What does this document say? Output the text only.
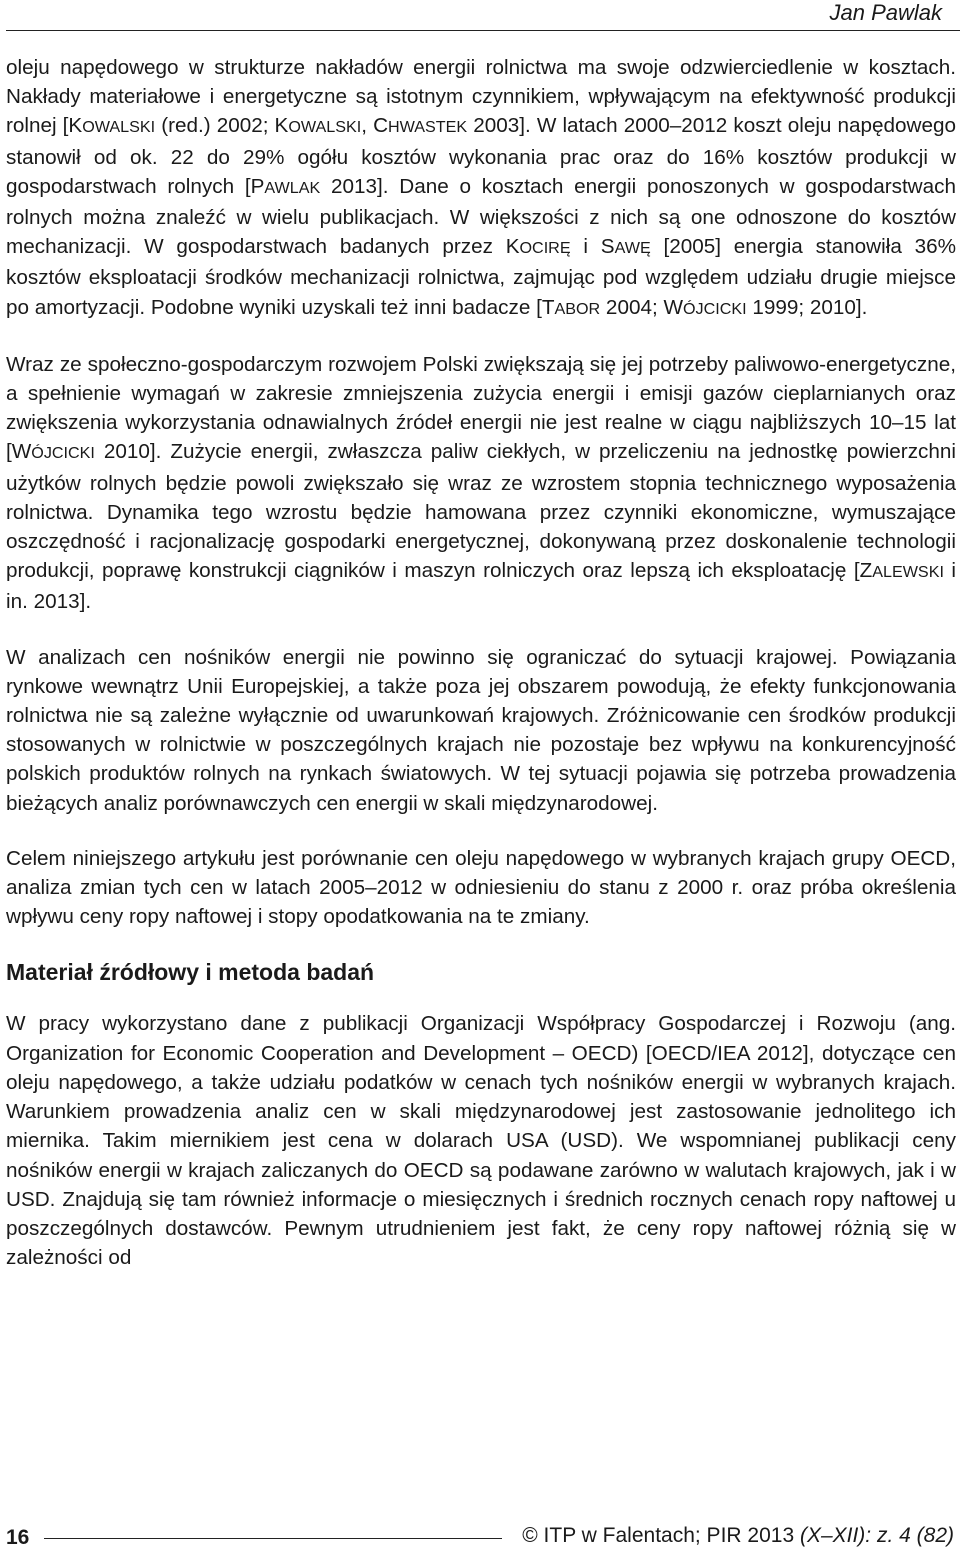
Jan Pawlak

oleju napędowego w strukturze nakładów energii rolnictwa ma swoje odzwierciedlenie w kosztach. Nakłady materiałowe i energetyczne są istotnym czynnikiem, wpływającym na efektywność produkcji rolnej [KOWALSKI (red.) 2002; KOWALSKI, CHWASTEK 2003]. W latach 2000–2012 koszt oleju napędowego stanowił od ok. 22 do 29% ogółu kosztów wykonania prac oraz do 16% kosztów produkcji w gospodarstwach rolnych [PAWLAK 2013]. Dane o kosztach energii ponoszonych w gospodarstwach rolnych można znaleźć w wielu publikacjach. W większości z nich są one odnoszone do kosztów mechanizacji. W gospodarstwach badanych przez KOCIRĘ i SAWĘ [2005] energia stanowiła 36% kosztów eksploatacji środków mechanizacji rolnictwa, zajmując pod względem udziału drugie miejsce po amortyzacji. Podobne wyniki uzyskali też inni badacze [TABOR 2004; WÓJCICKI 1999; 2010].

Wraz ze społeczno-gospodarczym rozwojem Polski zwiększają się jej potrzeby paliwowo-energetyczne, a spełnienie wymagań w zakresie zmniejszenia zużycia energii i emisji gazów cieplarnianych oraz zwiększenia wykorzystania odnawialnych źródeł energii nie jest realne w ciągu najbliższych 10–15 lat [WÓJCICKI 2010]. Zużycie energii, zwłaszcza paliw ciekłych, w przeliczeniu na jednostkę powierzchni użytków rolnych będzie powoli zwiększało się wraz ze wzrostem stopnia technicznego wyposażenia rolnictwa. Dynamika tego wzrostu będzie hamowana przez czynniki ekonomiczne, wymuszające oszczędność i racjonalizację gospodarki energetycznej, dokonywaną przez doskonalenie technologii produkcji, poprawę konstrukcji ciągników i maszyn rolniczych oraz lepszą ich eksploatację [ZALEWSKI i in. 2013].

W analizach cen nośników energii nie powinno się ograniczać do sytuacji krajowej. Powiązania rynkowe wewnątrz Unii Europejskiej, a także poza jej obszarem powodują, że efekty funkcjonowania rolnictwa nie są zależne wyłącznie od uwarunkowań krajowych. Zróżnicowanie cen środków produkcji stosowanych w rolnictwie w poszczególnych krajach nie pozostaje bez wpływu na konkurencyjność polskich produktów rolnych na rynkach światowych. W tej sytuacji pojawia się potrzeba prowadzenia bieżących analiz porównawczych cen energii w skali międzynarodowej.

Celem niniejszego artykułu jest porównanie cen oleju napędowego w wybranych krajach grupy OECD, analiza zmian tych cen w latach 2005–2012 w odniesieniu do stanu z 2000 r. oraz próba określenia wpływu ceny ropy naftowej i stopy opodatkowania na te zmiany.

Materiał źródłowy i metoda badań

W pracy wykorzystano dane z publikacji Organizacji Współpracy Gospodarczej i Rozwoju (ang. Organization for Economic Cooperation and Development – OECD) [OECD/IEA 2012], dotyczące cen oleju napędowego, a także udziału podatków w cenach tych nośników energii w wybranych krajach. Warunkiem prowadzenia analiz cen w skali międzynarodowej jest zastosowanie jednolitego ich miernika. Takim miernikiem jest cena w dolarach USA (USD). We wspomnianej publikacji ceny nośników energii w krajach zaliczanych do OECD są podawane zarówno w walutach krajowych, jak i w USD. Znajdują się tam również informacje o miesięcznych i średnich rocznych cenach ropy naftowej u poszczególnych dostawców. Pewnym utrudnieniem jest fakt, że ceny ropy naftowej różnią się w zależności od

16	© ITP w Falentach; PIR 2013 (X–XII): z. 4 (82)
